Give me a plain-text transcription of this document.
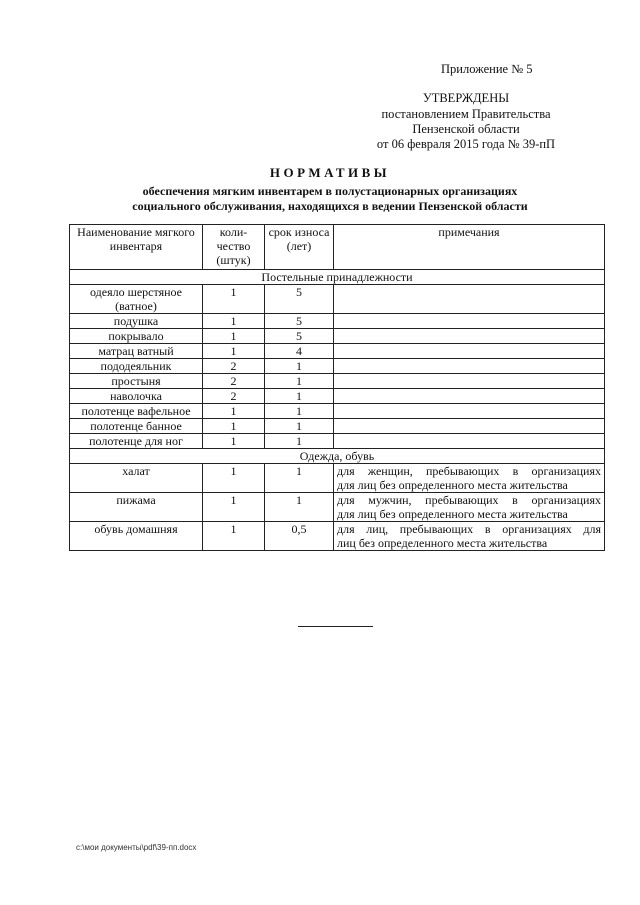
Приложение № 5
УТВЕРЖДЕНЫ
постановлением Правительства
Пензенской области
от 06 февраля 2015 года № 39-пП
НОРМАТИВЫ
обеспечения мягким инвентарем в полустационарных организациях
социального обслуживания, находящихся в ведении Пензенской области
Наименование мягкого инвентаря	коли-чество (штук)	срок износа (лет)	примечания
Постельные принадлежности			
одеяло шерстяное (ватное)	1	5	
подушка	1	5	
покрывало	1	5	
матрац ватный	1	4	
пододеяльник	2	1	
простыня	2	1	
наволочка	2	1	
полотенце вафельное	1	1	
полотенце банное	1	1	
полотенце для ног	1	1	
Одежда, обувь			
халат	1	1	для женщин, пребывающих в организациях
для лиц без определенного места жительства

пижама	1	1	для мужчин, пребывающих в организациях
для лиц без определенного места жительства

обувь домашняя	1	0,5	для лиц, пребывающих в организациях для
лиц без определенного места жительства
c:\мои документы\pdf\39-пп.docx
